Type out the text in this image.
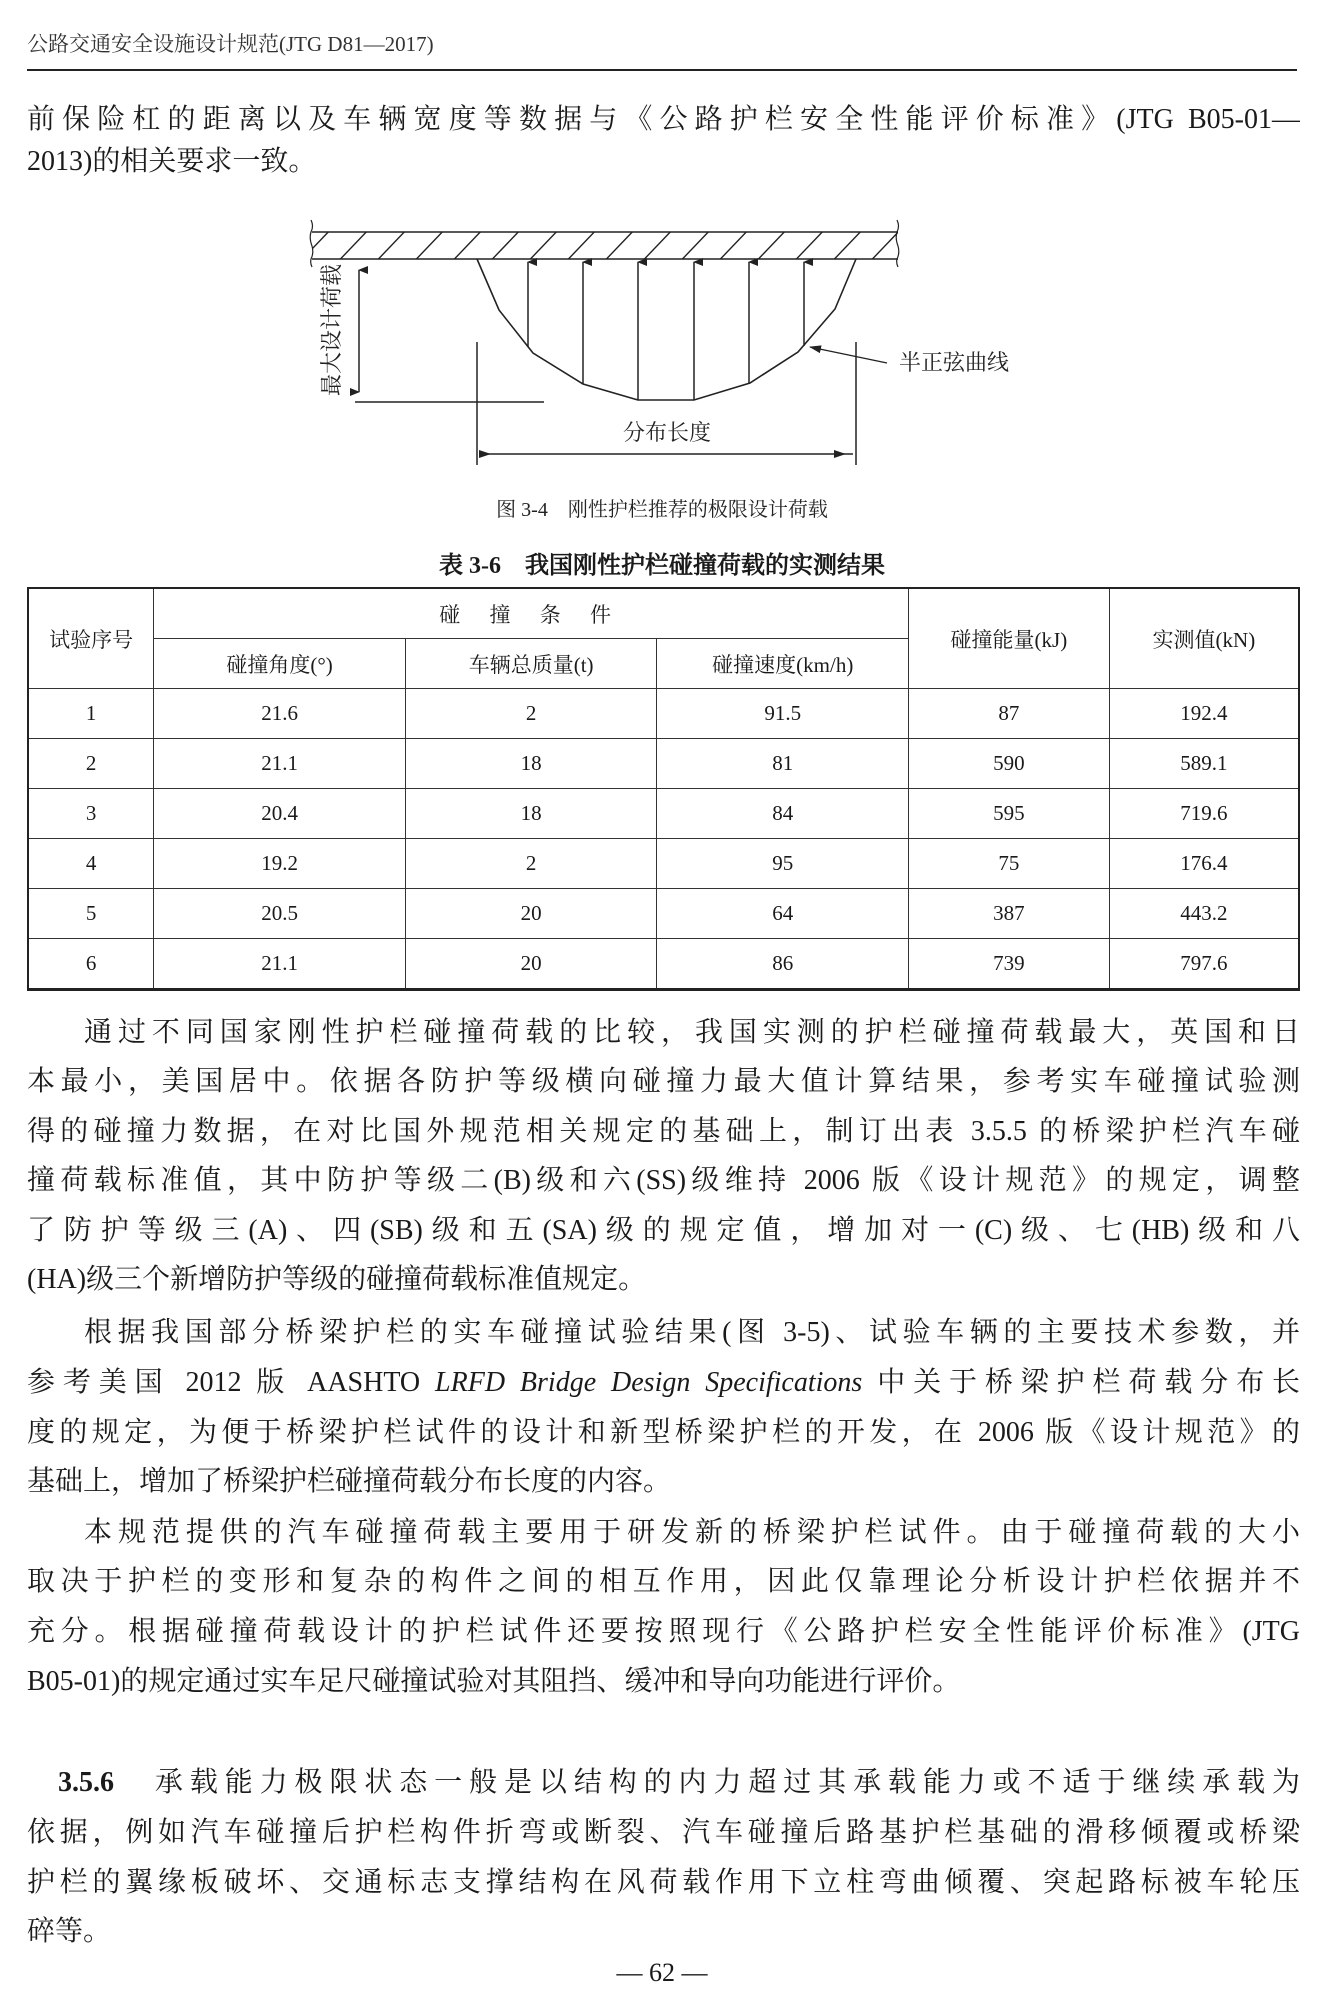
公路交通安全设施设计规范(JTG D81—2017)
前保险杠的距离以及车辆宽度等数据与《公路护栏安全性能评价标准》(JTG B05-01—
2013)的相关要求一致。
最大设计荷载	半正弦曲线
分布长度
图 3-4　刚性护栏推荐的极限设计荷载
表 3-6　我国刚性护栏碰撞荷载的实测结果
试验序号	碰 撞 条 件			碰撞能量(kJ)	实测值(kN)
	碰撞角度(°)	车辆总质量(t)	碰撞速度(km/h)		
1	21.6	2	91.5	87	192.4
2	21.1	18	81	590	589.1
3	20.4	18	84	595	719.6
4	19.2	2	95	75	176.4
5	20.5	20	64	387	443.2
6	21.1	20	86	739	797.6
通过不同国家刚性护栏碰撞荷载的比较，我国实测的护栏碰撞荷载最大，英国和日
本最小，美国居中。依据各防护等级横向碰撞力最大值计算结果，参考实车碰撞试验测
得的碰撞力数据，在对比国外规范相关规定的基础上，制订出表 3.5.5 的桥梁护栏汽车碰
撞荷载标准值，其中防护等级二(B)级和六(SS)级维持 2006 版《设计规范》的规定，调整
了防护等级三(A)、四(SB)级和五(SA)级的规定值，增加对一(C)级、七(HB)级和八
(HA)级三个新增防护等级的碰撞荷载标准值规定。
根据我国部分桥梁护栏的实车碰撞试验结果(图 3-5)、试验车辆的主要技术参数，并
参考美国 2012 版 AASHTO LRFD Bridge Design Specifications 中关于桥梁护栏荷载分布长
度的规定，为便于桥梁护栏试件的设计和新型桥梁护栏的开发，在 2006 版《设计规范》的
基础上，增加了桥梁护栏碰撞荷载分布长度的内容。
本规范提供的汽车碰撞荷载主要用于研发新的桥梁护栏试件。由于碰撞荷载的大小
取决于护栏的变形和复杂的构件之间的相互作用，因此仅靠理论分析设计护栏依据并不
充分。根据碰撞荷载设计的护栏试件还要按照现行《公路护栏安全性能评价标准》(JTG
B05-01)的规定通过实车足尺碰撞试验对其阻挡、缓冲和导向功能进行评价。
3.5.6 承载能力极限状态一般是以结构的内力超过其承载能力或不适于继续承载为
依据，例如汽车碰撞后护栏构件折弯或断裂、汽车碰撞后路基护栏基础的滑移倾覆或桥梁
护栏的翼缘板破坏、交通标志支撑结构在风荷载作用下立柱弯曲倾覆、突起路标被车轮压
碎等。
— 62 —
